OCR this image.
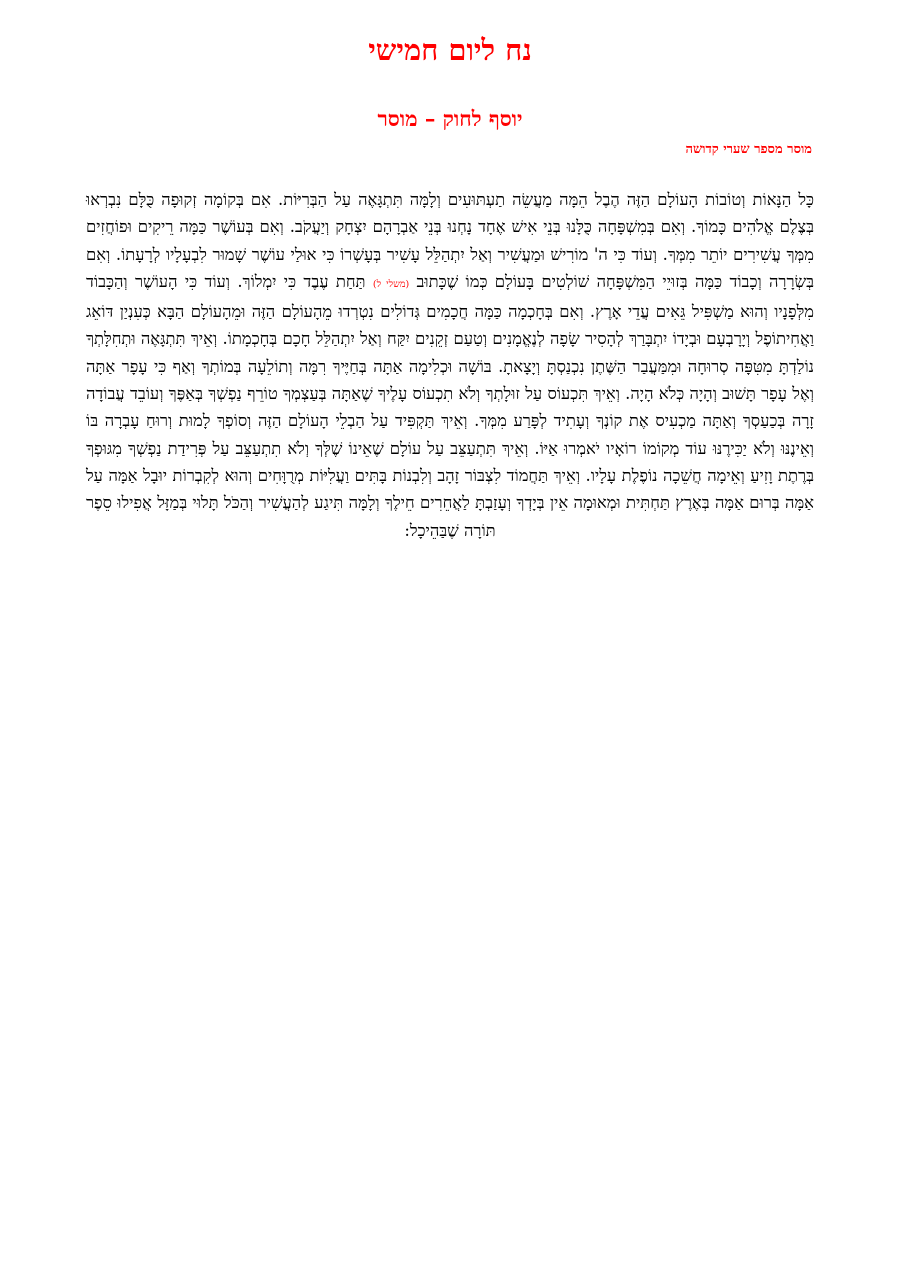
נח ליום חמישי
יוסף לחוק – מוסר
מוסר מספר שערי קדושה

כָּל הַנָּאוֹת וְטוֹבוֹת הָעוֹלָם הַזֶּה הֶבֶל הֵמָּה מַעֲשֵׂה תַעְתּוּעִים וְלָמָּה תִּתְגָּאֶה עַל הַבְּרִיּוֹת. אִם בְּקוֹמָה זְקוּפָה כֻּלָּם נִבְרְאוּ בְּצֶלֶם אֱלֹהִים כָּמוֹךָ. וְאִם בְּמִשְׁפָּחָה כֻּלָּנוּ בְּנֵי אִישׁ אֶחָד נָחְנוּ בְּנֵי אַבְרָהָם יִצְחָק וְיַעֲקֹב. וְאִם בְּעוֹשֶׁר כַּמָּה רֵיקִים וּפוֹחֲזִים מִמְּךָ עֲשִׁירִים יוֹתֵר מִמְּךָ. וְעוֹד כִּי ה' מוֹרִישׁ וּמַעֲשִׁיר וְאַל יִתְהַלֵּל עָשִׁיר בְּעָשְׁרוֹ כִּי אוּלַי עוֹשֶׁר שָׁמוּר לִבְעָלָיו לְרָעָתוֹ. וְאִם בְּשְׂרָרָה וְכָבוֹד כַּמָּה בְּזוּיֵי הַמִּשְׁפָּחָה שׁוֹלְטִים בָּעוֹלָם כְּמוֹ שֶׁכָּתוּב (משלי ל) תַּחַת עֶבֶד כִּי יִמְלוֹךְ. וְעוֹד כִּי הָעוֹשֶׁר וְהַכָּבוֹד מִלְּפָנָיו וְהוּא מַשְׁפִּיל גֵּאִים עֲדֵי אָרֶץ. וְאִם בְּחָכְמָה כַּמָּה חֲכָמִים גְּדוֹלִים נִטְרְדוּ מֵהָעוֹלָם הַזֶּה וּמֵהָעוֹלָם הַבָּא כְּעִנְיַן דּוֹאֵג וַאֲחִיתוֹפֶל וְיָרָבְעָם וּבְיָדוֹ יִתְבָּרַךְ לְהָסִיר שָׂפָה לְנֶאֱמָנִים וְטַעַם זְקֵנִים יִקַּח וְאַל יִתְהַלֵּל חָכָם בְּחָכְמָתוֹ. וְאֵיךְ תִּתְגָּאֶה וּתְחִלָּתְךָ נוֹלַדְתָּ מִטִּפָּה סְרוּחָה וּמִמַּעֲבַר הַשֶּׁתֶן נִכְנַסְתָּ וְיָצָאתָ. בּוֹשָׁה וּכְלִימָה אַתָּה בְּחַיֶּיךָ רִמָּה וְתוֹלֵעָה בְּמוֹתְךָ וְאַף כִּי עָפָר אַתָּה וְאֶל עָפָר תָּשׁוּב וְהָיָה כְּלֹא הָיָה. וְאֵיךְ תִּכְעוֹס עַל זוּלָתְךָ וְלֹא תִכְעוֹס עָלֶיךָ שֶׁאַתָּה בְּעַצְמְךָ טוֹרֵף נַפְשְׁךָ בְּאַפֶּךָ וְעוֹבֵד עֲבוֹדָה זָרָה בְּכַעַסְךָ וְאַתָּה מַכְעִיס אֶת קוֹנְךָ וְעָתִיד לְפָּרַע מִמְּךָ. וְאֵיךְ תַּקְפִּיד עַל הַבְלֵי הָעוֹלָם הַזֶּה וְסוֹפְךָ לָמוּת וְרוּחַ עָבְרָה בּוֹ וְאֵינֶנּוּ וְלֹא יַכִּירֶנּוּ עוֹד מְקוֹמוֹ רוֹאָיו יֹאמְרוּ אַיּוֹ. וְאֵיךְ תִּתְעַצֵּב עַל עוֹלָם שֶׁאֵינוֹ שֶׁלְּךָ וְלֹא תִתְעַצֵּב עַל פְּרִידַת נַפְשְׁךָ מִגּוּפְךָ בְּרֶתֶת וָזִיעַ וְאֵימָה חֲשֵׁכָה נוֹפֶלֶת עָלָיו. וְאֵיךְ תַּחֲמוֹד לִצְבּוֹר זָהָב וְלִבְנוֹת בָּתִּים וַעֲלִיּוֹת מְרֻוָּחִים וְהוּא לְקִבְרוֹת יוּבָל אַמָּה עַל אַמָּה בְּרוּם אַמָּה בְּאֶרֶץ תַּחְתִּית וּמְאוּמָה אֵין בְּיָדְךָ וְעָזַבְתָּ לַאֲחֵרִים חֵילֶךָ וְלָמָּה תִּיגַע לְהַעֲשִׁיר וְהַכֹּל תָּלוּי בְּמַזָּל אֲפִילוּ סֵפֶר תּוֹרָה שֶׁבַּהֵיכָל:
